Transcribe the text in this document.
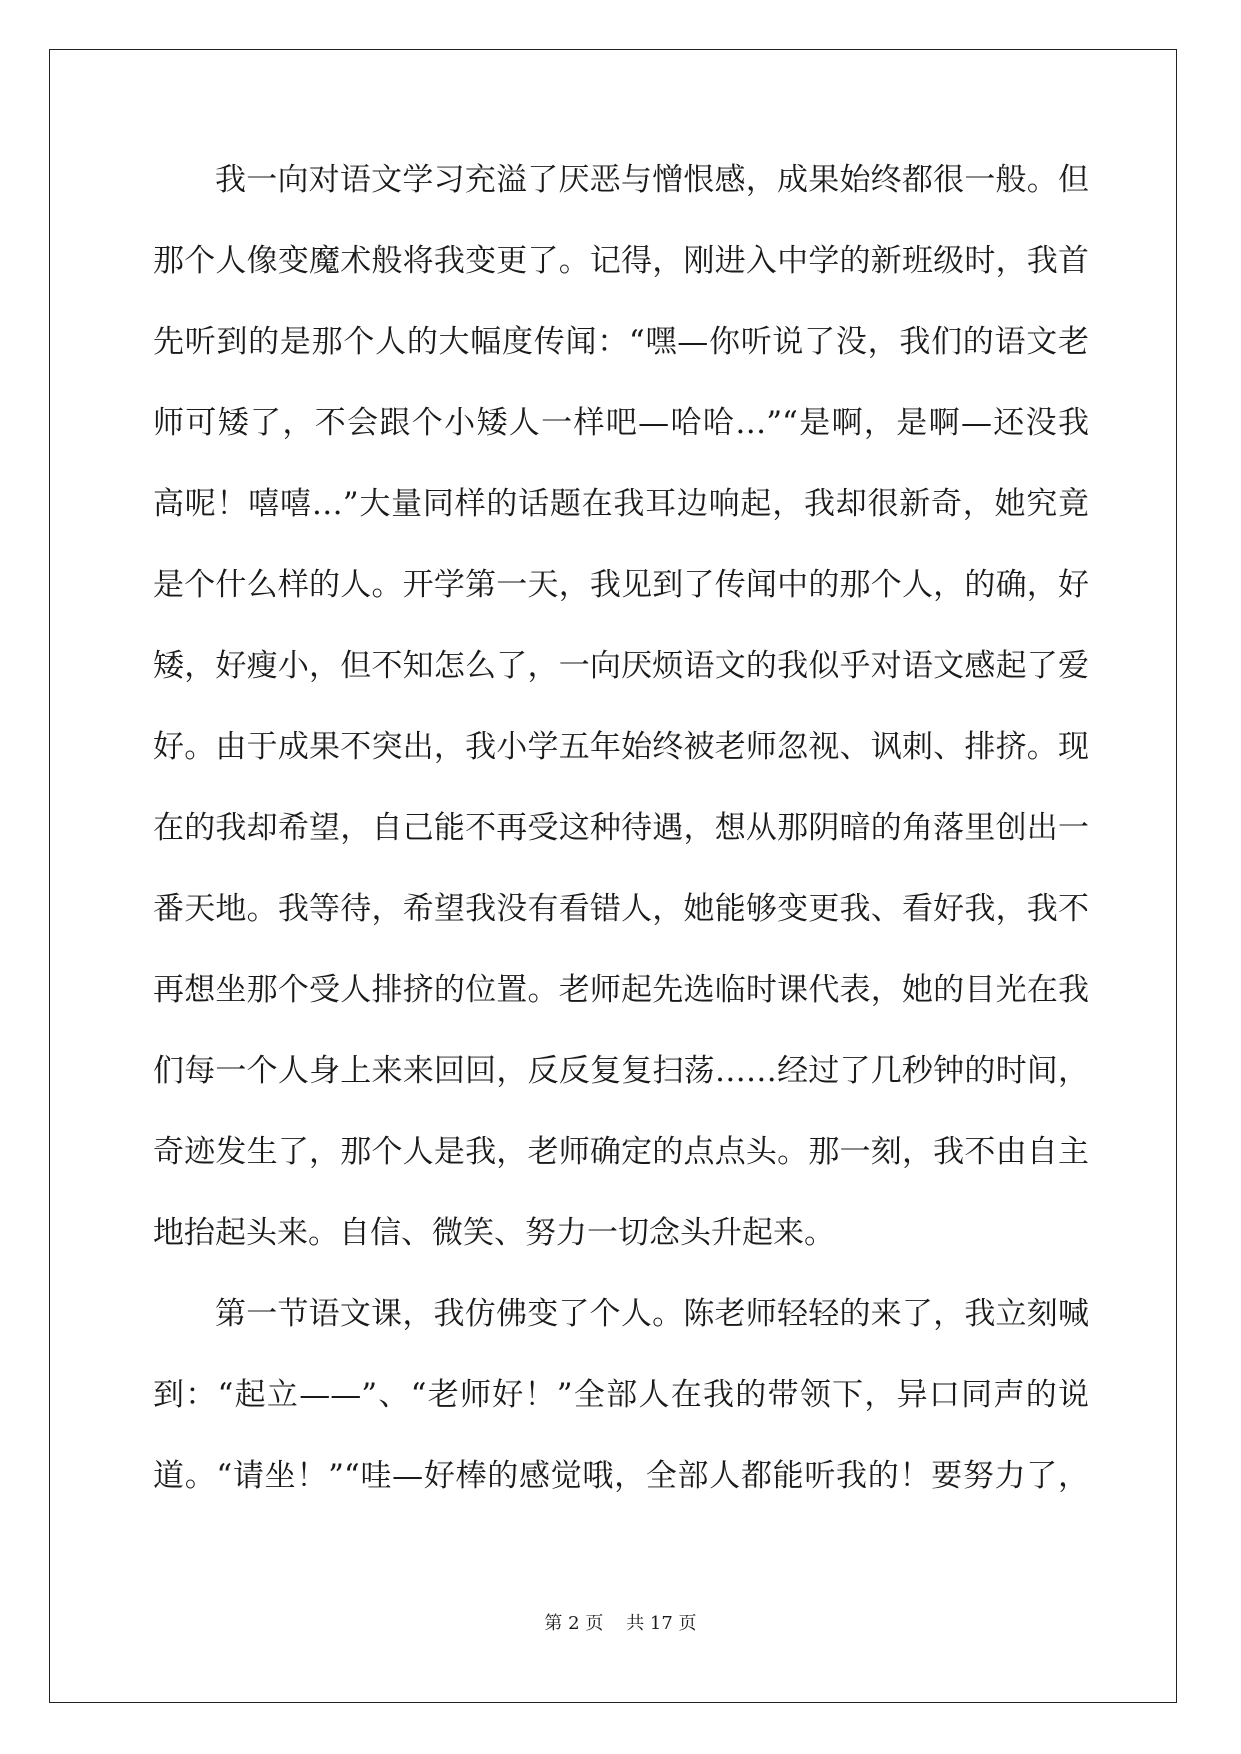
我一向对语文学习充溢了厌恶与憎恨感，成果始终都很一般。但
那个人像变魔术般将我变更了。记得，刚进入中学的新班级时，我首
先听到的是那个人的大幅度传闻：“嘿—你听说了没，我们的语文老
师可矮了，不会跟个小矮人一样吧—哈哈…”“是啊，是啊—还没我
高呢！嘻嘻…”大量同样的话题在我耳边响起，我却很新奇，她究竟
是个什么样的人。开学第一天，我见到了传闻中的那个人，的确，好
矮，好瘦小，但不知怎么了，一向厌烦语文的我似乎对语文感起了爱
好。由于成果不突出，我小学五年始终被老师忽视、讽刺、排挤。现
在的我却希望，自己能不再受这种待遇，想从那阴暗的角落里创出一
番天地。我等待，希望我没有看错人，她能够变更我、看好我，我不
再想坐那个受人排挤的位置。老师起先选临时课代表，她的目光在我
们每一个人身上来来回回，反反复复扫荡……经过了几秒钟的时间，
奇迹发生了，那个人是我，老师确定的点点头。那一刻，我不由自主
地抬起头来。自信、微笑、努力一切念头升起来。
第一节语文课，我仿佛变了个人。陈老师轻轻的来了，我立刻喊
到：“起立——”、“老师好！”全部人在我的带领下，异口同声的说
道。“请坐！”“哇—好棒的感觉哦，全部人都能听我的！要努力了，
第 2 页    共 17 页
